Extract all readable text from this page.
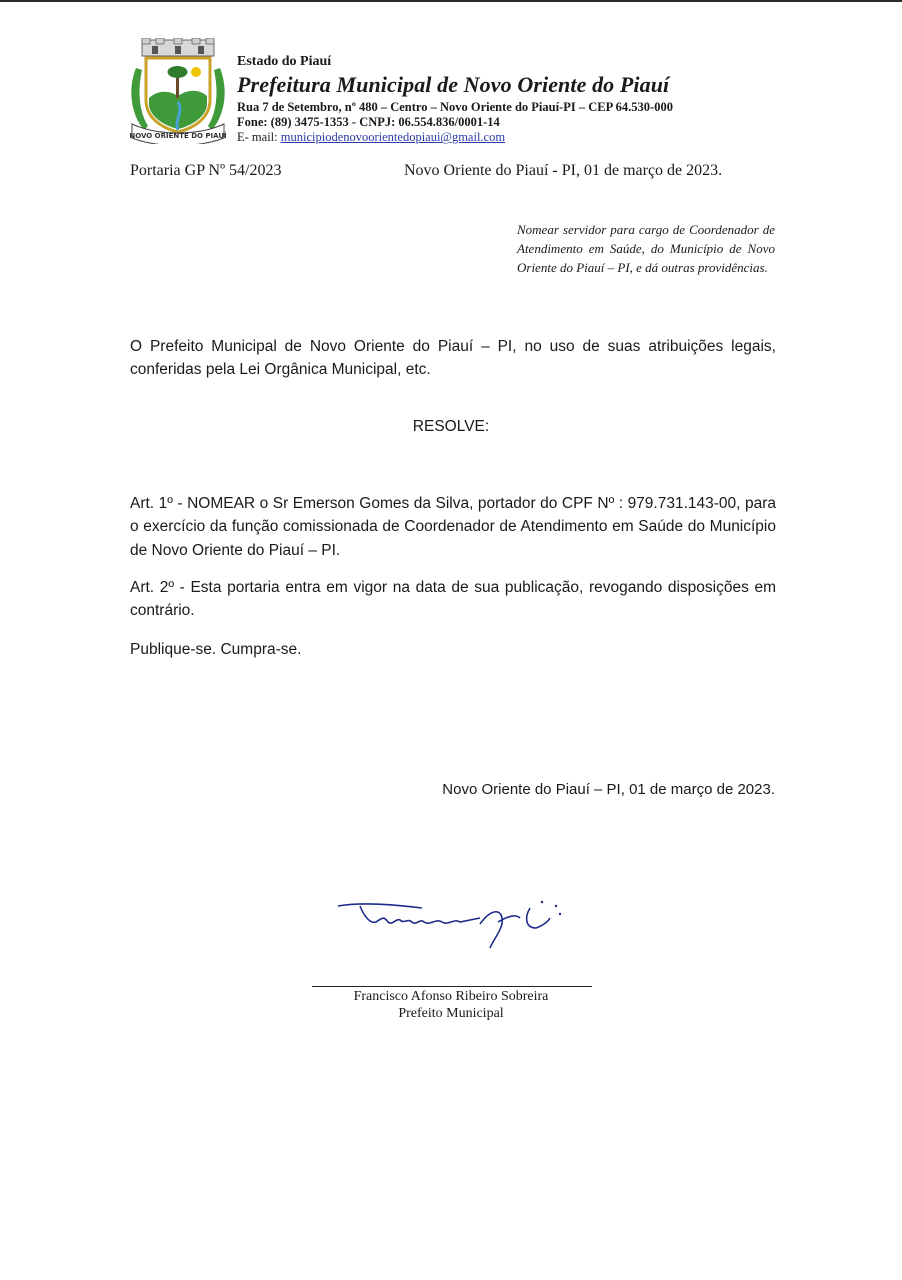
NOVO ORIENTE DO PIAUÍ

Estado do Piauí

Prefeitura Municipal de Novo Oriente do Piauí

Rua 7 de Setembro, nº 480 – Centro – Novo Oriente do Piauí-PI – CEP 64.530-000

Fone: (89) 3475-1353 - CNPJ: 06.554.836/0001-14

E- mail: municipiodenovoorientedopiaui@gmail.com

Portaria GP Nº 54/2023	Novo Oriente do Piauí - PI, 01 de março de 2023.
Nomear servidor para cargo de Coordenador de Atendimento em Saúde, do Município de Novo Oriente do Piauí – PI, e dá outras providências.

O Prefeito Municipal de Novo Oriente do Piauí – PI, no uso de suas atribuições legais, conferidas pela Lei Orgânica Municipal, etc.

RESOLVE:

Art. 1º - NOMEAR o Sr Emerson Gomes da Silva, portador do CPF Nº : 979.731.143-00, para o exercício da função comissionada de Coordenador de Atendimento em Saúde do Município de Novo Oriente do Piauí – PI.

Art. 2º - Esta portaria entra em vigor na data de sua publicação, revogando disposições em contrário.

Publique-se. Cumpra-se.

Novo Oriente do Piauí – PI, 01 de março de 2023.
Francisco Afonso Ribeiro Sobreira
Prefeito Municipal
